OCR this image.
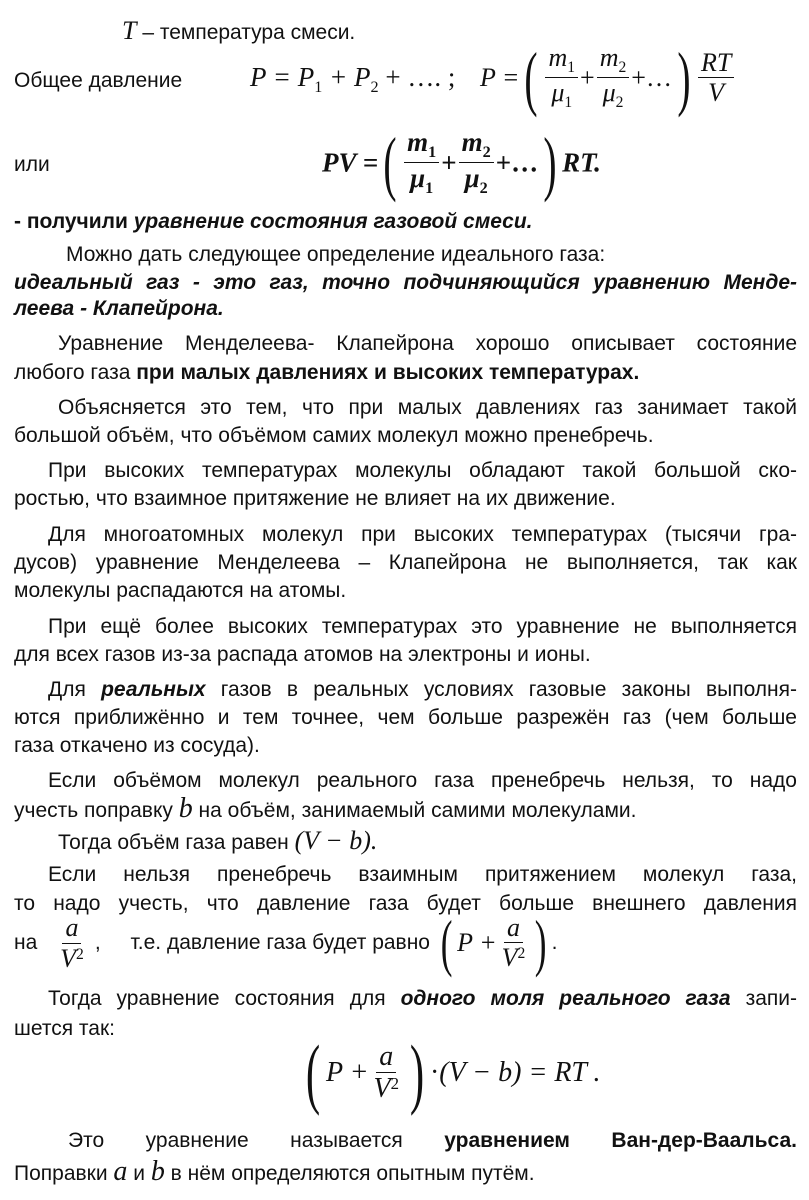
T – температура смеси.
Общее давление	$P = P_1 + P_2$ + …. ; P =( $\frac{m_1}{\mu_1} + \frac{m_2}{\mu_2}$ +…) $\frac{RT}{V}$
или	PV =( $\frac{m_1}{\mu_1} + \frac{m_2}{\mu_2}$ +…) RT.
- получили уравнение состояния газовой смеси.
Можно дать следующее определение идеального газа:
идеальный газ - это газ, точно подчиняющийся уравнению Менде-
леева - Клапейрона.
Уравнение Менделеева- Клапейрона хорошо описывает состояние
любого газа при малых давлениях и высоких температурах.
Объясняется это тем, что при малых давлениях газ занимает такой
большой объём, что объёмом самих молекул можно пренебречь.
При высоких температурах молекулы обладают такой большой ско-
ростью, что взаимное притяжение не влияет на их движение.
Для многоатомных молекул при высоких температурах (тысячи гра-
дусов) уравнение Менделеева – Клапейрона не выполняется, так как
молекулы распадаются на атомы.
При ещё более высоких температурах это уравнение не выполняется
для всех газов из-за распада атомов на электроны и ионы.
Для реальных газов в реальных условиях газовые законы выполня-
ются приближённо и тем точнее, чем больше разрежён газ (чем больше
газа откачено из сосуда).
Если объёмом молекул реального газа пренебречь нельзя, то надо
учесть поправку b на объём, занимаемый самими молекулами.
Тогда объём газа равен (V − b).
Если нельзя пренебречь взаимным притяжением молекул газа,
то надо учесть, что давление газа будет больше внешнего давления
на $\frac{a}{V^2}$ , т.е. давление газа будет равно ( $P + \frac{a}{V^2}$ ) .
Тогда уравнение состояния для одного моля реального газа запи-
шется так:
( $P + \frac{a}{V^2}$ ) ·(V − b) = RT .
Это уравнение называется уравнением Ван-дер-Ваальса.
Поправки a и b в нём определяются опытным путём.
